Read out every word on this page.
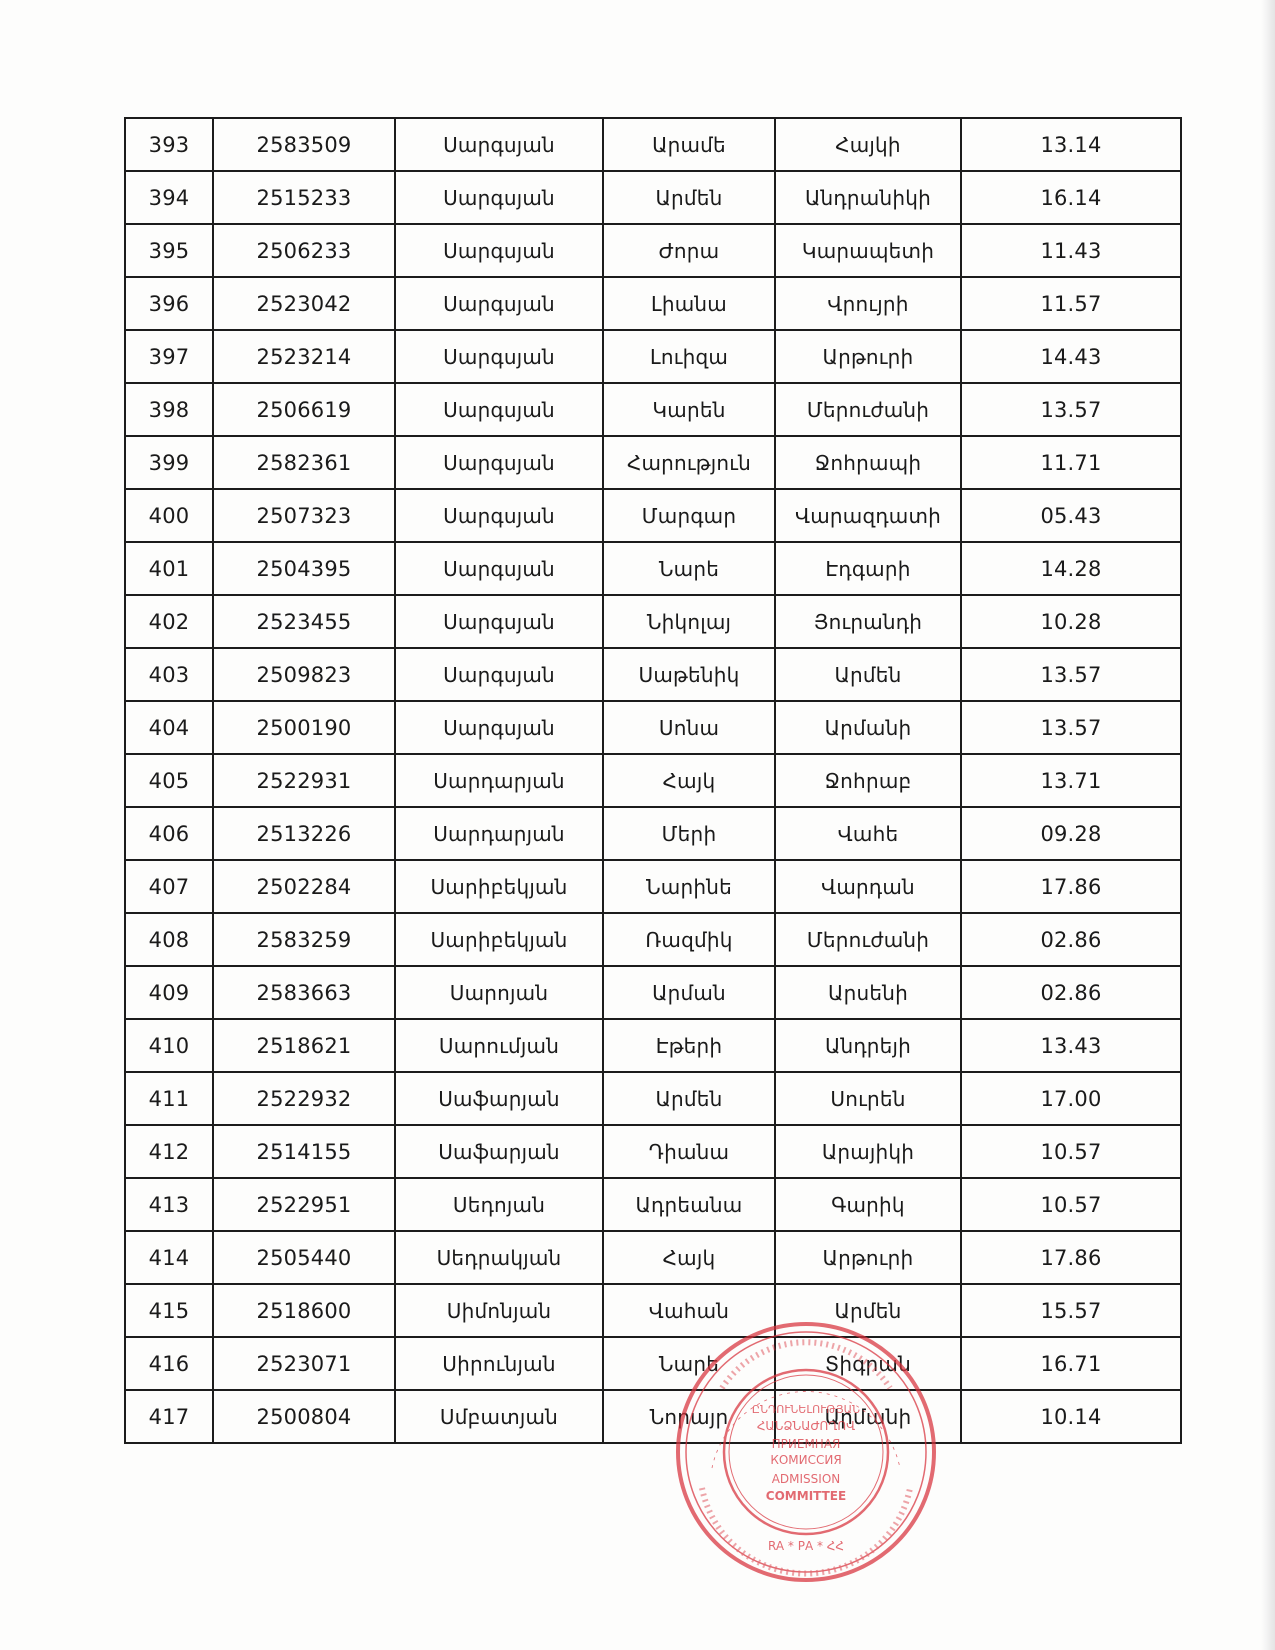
393	2583509	Սարգսյան	Արամե	Հայկի	13.14
394	2515233	Սարգսյան	Արմեն	Անդրանիկի	16.14
395	2506233	Սարգսյան	Ժորա	Կարապետի	11.43
396	2523042	Սարգսյան	Լիանա	Վրույրի	11.57
397	2523214	Սարգսյան	Լուիզա	Արթուրի	14.43
398	2506619	Սարգսյան	Կարեն	Մերուժանի	13.57
399	2582361	Սարգսյան	Հարություն	Ջոհրապի	11.71
400	2507323	Սարգսյան	Մարգար	Վարազդատի	05.43
401	2504395	Սարգսյան	Նարե	Էդգարի	14.28
402	2523455	Սարգսյան	Նիկոլայ	Յուրանդի	10.28
403	2509823	Սարգսյան	Սաթենիկ	Արմեն	13.57
404	2500190	Սարգսյան	Սոնա	Արմանի	13.57
405	2522931	Սարդարյան	Հայկ	Ջոհրաբ	13.71
406	2513226	Սարդարյան	Մերի	Վահե	09.28
407	2502284	Սարիբեկյան	Նարինե	Վարդան	17.86
408	2583259	Սարիբեկյան	Ռազմիկ	Մերուժանի	02.86
409	2583663	Սարոյան	Արման	Արսենի	02.86
410	2518621	Սարումյան	Էթերի	Անդրեյի	13.43
411	2522932	Սաֆարյան	Արմեն	Սուրեն	17.00
412	2514155	Սաֆարյան	Դիանա	Արայիկի	10.57
413	2522951	Սեդոյան	Ադրեանա	Գարիկ	10.57
414	2505440	Սեդրակյան	Հայկ	Արթուրի	17.86
415	2518600	Սիմոնյան	Վահան	Արմեն	15.57
416	2523071	Սիրունյան	Նարե	Տիգրան	16.71
417	2500804	Սմբատյան	Նորայր	Արմանի	10.14
ԸՆԴՈՒՆԵԼՈՒԹՅԱՆ
ՀԱՆՁՆԱԺՈՂՈՎ
ПРИЕМНАЯ
КОМИССИЯ
ADMISSION
COMMITTEE
RA * РА * ՀՀ
